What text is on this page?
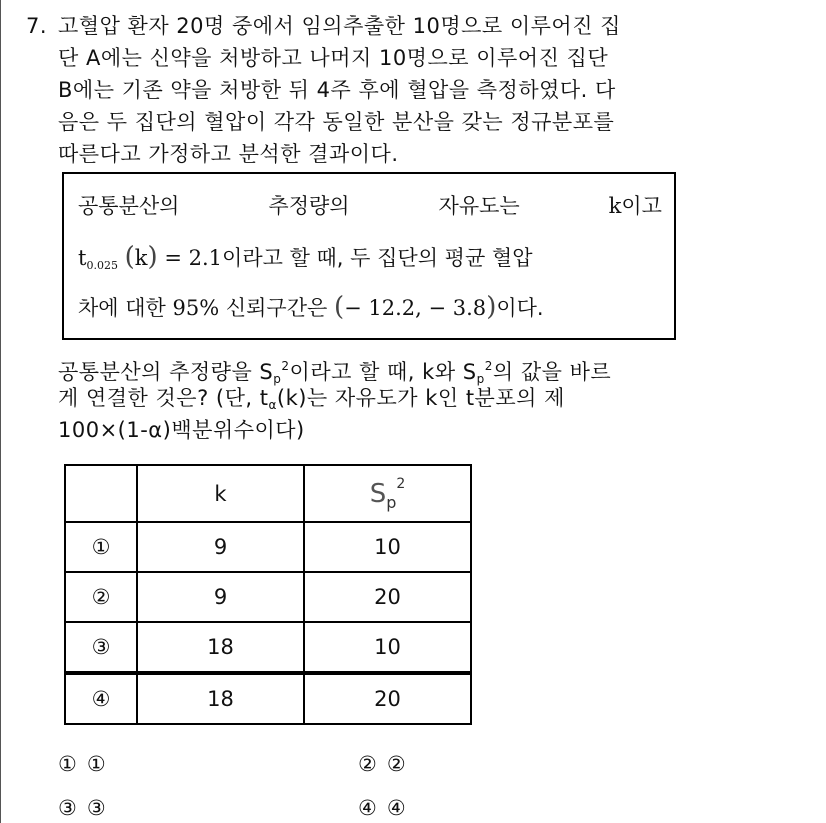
7. 고혈압 환자 20명 중에서 임의추출한 10명으로 이루어진 집
단 A에는 신약을 처방하고 나머지 10명으로 이루어진 집단
B에는 기존 약을 처방한 뒤 4주 후에 혈압을 측정하였다. 다
음은 두 집단의 혈압이 각각 동일한 분산을 갖는 정규분포를
따른다고 가정하고 분석한 결과이다.
공통분산의	추정량의	자유도는	k이고
t0.025 (k) = 2.1이라고 할 때, 두 집단의 평균 혈압
차에 대한 95% 신뢰구간은 (− 12.2, − 3.8)이다.
공통분산의 추정량을 $S_p^2$이라고 할 때, k와 $S_p^2$의 값을 바르
게 연결한 것은? (단, $t_\alpha(k)$는 자유도가 k인 t분포의 제
100×(1-α)백분위수이다)
	k	$S_p^2$
①	9	10
②	9	20
③	18	10
④	18	20
① ①	② ②
③ ③	④ ④
